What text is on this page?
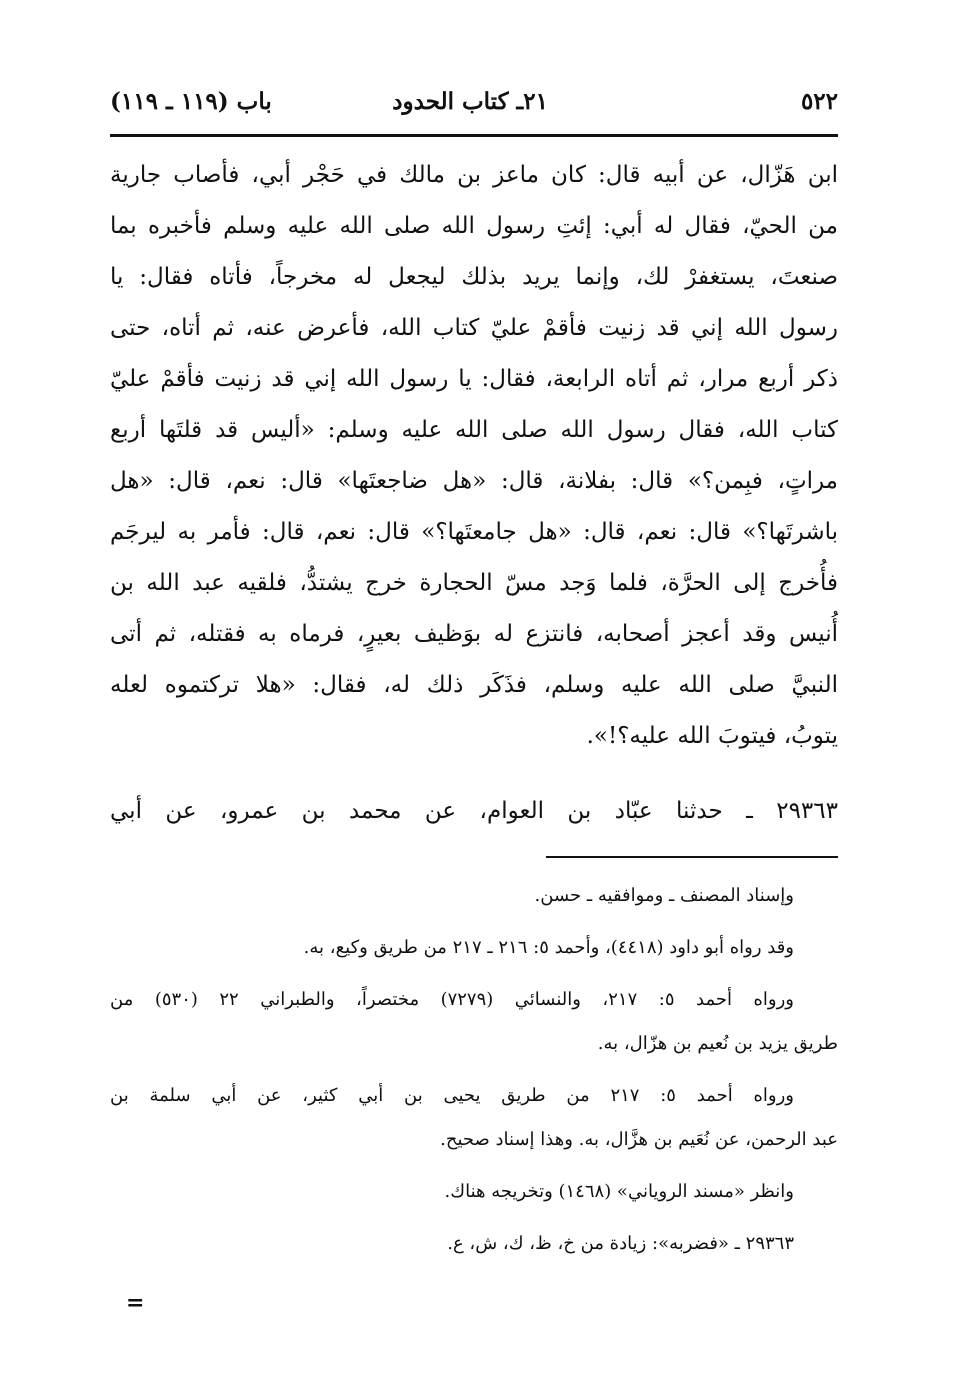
٥٢٢
٢١ـ كتاب الحدود
باب (١١٩ ـ ١١٩)
ابن هَزّال، عن أبيه قال: كان ماعز بن مالك في حَجْر أبي، فأصاب جارية
من الحيّ، فقال له أبي: إئتِ رسول الله صلى الله عليه وسلم فأخبره بما
صنعتَ، يستغفرْ لك، وإنما يريد بذلك ليجعل له مخرجاً، فأتاه فقال: يا
رسول الله إني قد زنيت فأقمْ عليّ كتاب الله، فأعرض عنه، ثم أتاه، حتى
ذكر أربع مرار، ثم أتاه الرابعة، فقال: يا رسول الله إني قد زنيت فأقمْ عليّ
كتاب الله، فقال رسول الله صلى الله عليه وسلم: «أليس قد قلتَها أربع
مراتٍ، فبِمن؟» قال: بفلانة، قال: «هل ضاجعتَها» قال: نعم، قال: «هل
باشرتَها؟» قال: نعم، قال: «هل جامعتَها؟» قال: نعم، قال: فأمر به ليرجَم
فأُخرج إلى الحرَّة، فلما وَجد مسّ الحجارة خرج يشتدُّ، فلقيه عبد الله بن
أُنيس وقد أعجز أصحابه، فانتزع له بوَظيف بعيرٍ، فرماه به فقتله، ثم أتى
النبيَّ صلى الله عليه وسلم، فذَكَر ذلك له، فقال: «هلا تركتموه لعله
يتوبُ، فيتوبَ الله عليه؟!».
٢٩٣٦٣ ـ حدثنا عبّاد بن العوام، عن محمد بن عمرو، عن أبي
وإسناد المصنف ـ وموافقيه ـ حسن.
وقد رواه أبو داود (٤٤١٨)، وأحمد ٥: ٢١٦ ـ ٢١٧ من طريق وكيع، به.
ورواه أحمد ٥: ٢١٧، والنسائي (٧٢٧٩) مختصراً، والطبراني ٢٢ (٥٣٠) من
طريق يزيد بن نُعيم بن هزّال، به.
ورواه أحمد ٥: ٢١٧ من طريق يحيى بن أبي كثير، عن أبي سلمة بن
عبد الرحمن، عن نُعَيم بن هزَّال، به. وهذا إسناد صحيح.
وانظر «مسند الروياني» (١٤٦٨) وتخريجه هناك.
٢٩٣٦٣ ـ «فضربه»: زيادة من خ، ظ، ك، ش، ع.
=
